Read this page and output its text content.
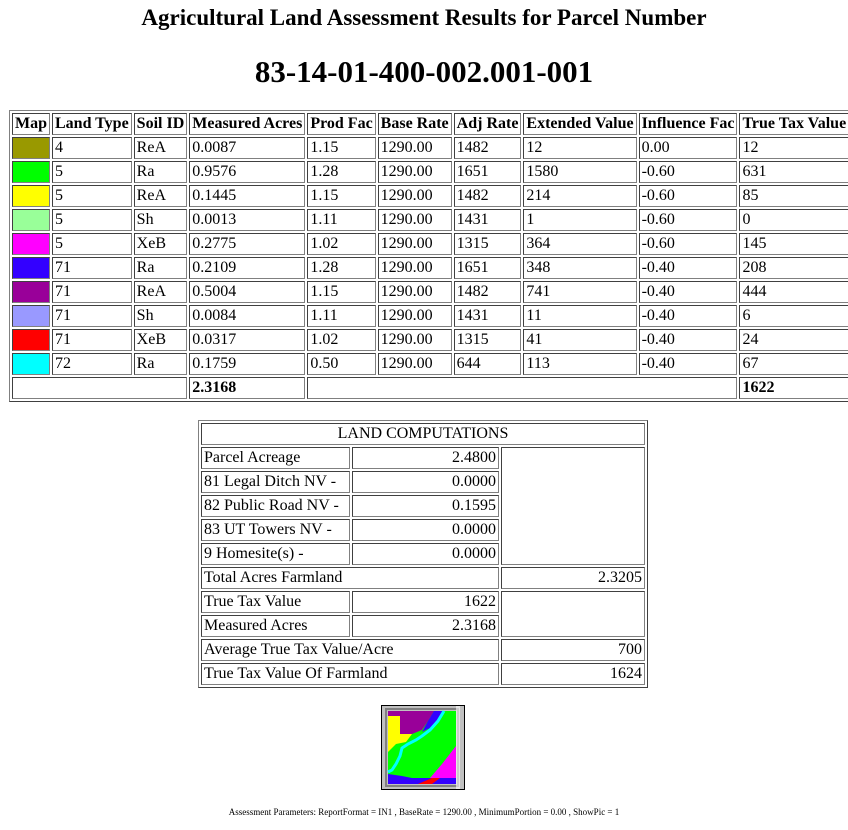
Agricultural Land Assessment Results for Parcel Number
83-14-01-400-002.001-001
Map	Land Type	Soil ID	Measured Acres	Prod Fac	Base Rate	Adj Rate	Extended Value	Influence Fac	True Tax Value

	4	ReA	0.0087	1.15	1290.00	1482	12	0.00	12

	5	Ra	0.9576	1.28	1290.00	1651	1580	-0.60	631

	5	ReA	0.1445	1.15	1290.00	1482	214	-0.60	85

	5	Sh	0.0013	1.11	1290.00	1431	1	-0.60	0

	5	XeB	0.2775	1.02	1290.00	1315	364	-0.60	145

	71	Ra	0.2109	1.28	1290.00	1651	348	-0.40	208

	71	ReA	0.5004	1.15	1290.00	1482	741	-0.40	444

	71	Sh	0.0084	1.11	1290.00	1431	11	-0.40	6

	71	XeB	0.0317	1.02	1290.00	1315	41	-0.40	24

	72	Ra	0.1759	0.50	1290.00	644	113	-0.40	67
			2.3168						1622
LAND COMPUTATIONS		
Parcel Acreage	2.4800	
81 Legal Ditch NV -	0.0000	
82 Public Road NV -	0.1595	
83 UT Towers NV -	0.0000	
9 Homesite(s) -	0.0000	
Total Acres Farmland		2.3205
True Tax Value	1622	
Measured Acres	2.3168	
Average True Tax Value/Acre		700
True Tax Value Of Farmland		1624
Assessment Parameters: ReportFormat = IN1 , BaseRate = 1290.00 , MinimumPortion = 0.00 , ShowPic = 1
